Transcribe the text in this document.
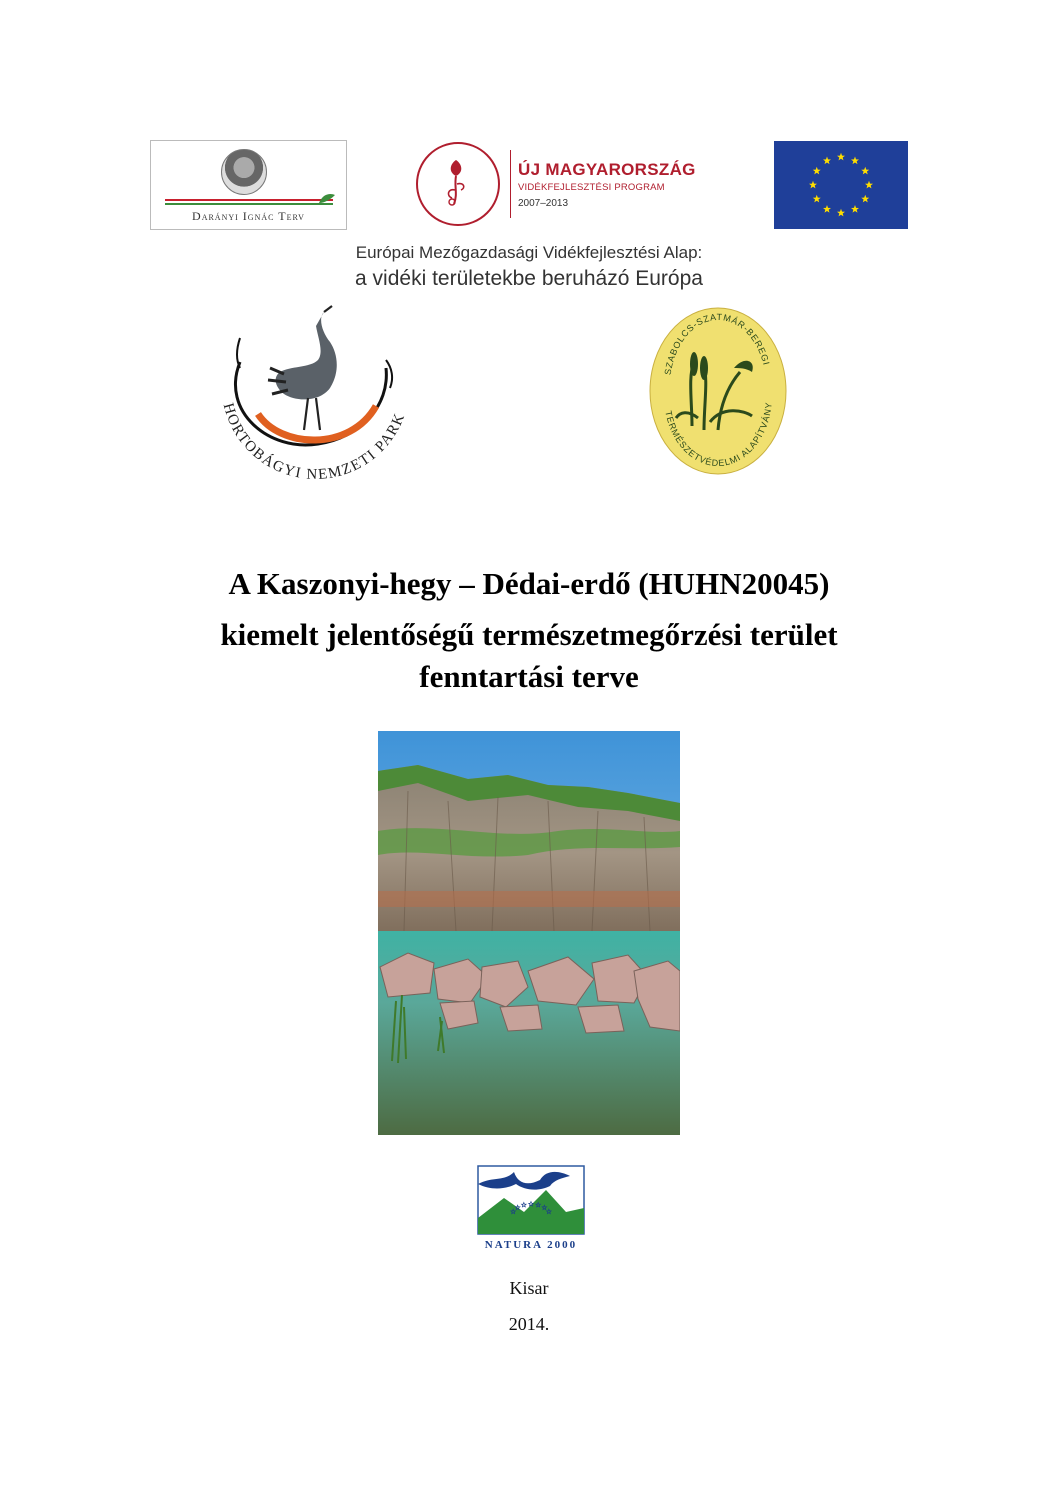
Darányi Ignác Terv
ÚJ MAGYARORSZÁG
VIDÉKFEJLESZTÉSI PROGRAM
2007–2013
Európai Mezőgazdasági Vidékfejlesztési Alap:
a vidéki területekbe beruházó Európa
HORTOBÁGYI NEMZETI PARK
SZABOLCS-SZATMÁR-BEREGI
TERMÉSZETVÉDELMI ALAPÍTVÁNY
A Kaszonyi-hegy – Dédai-erdő (HUHN20045)
kiemelt jelentőségű természetmegőrzési terület
fenntartási terve
NATURA 2000
Kisar
2014.
